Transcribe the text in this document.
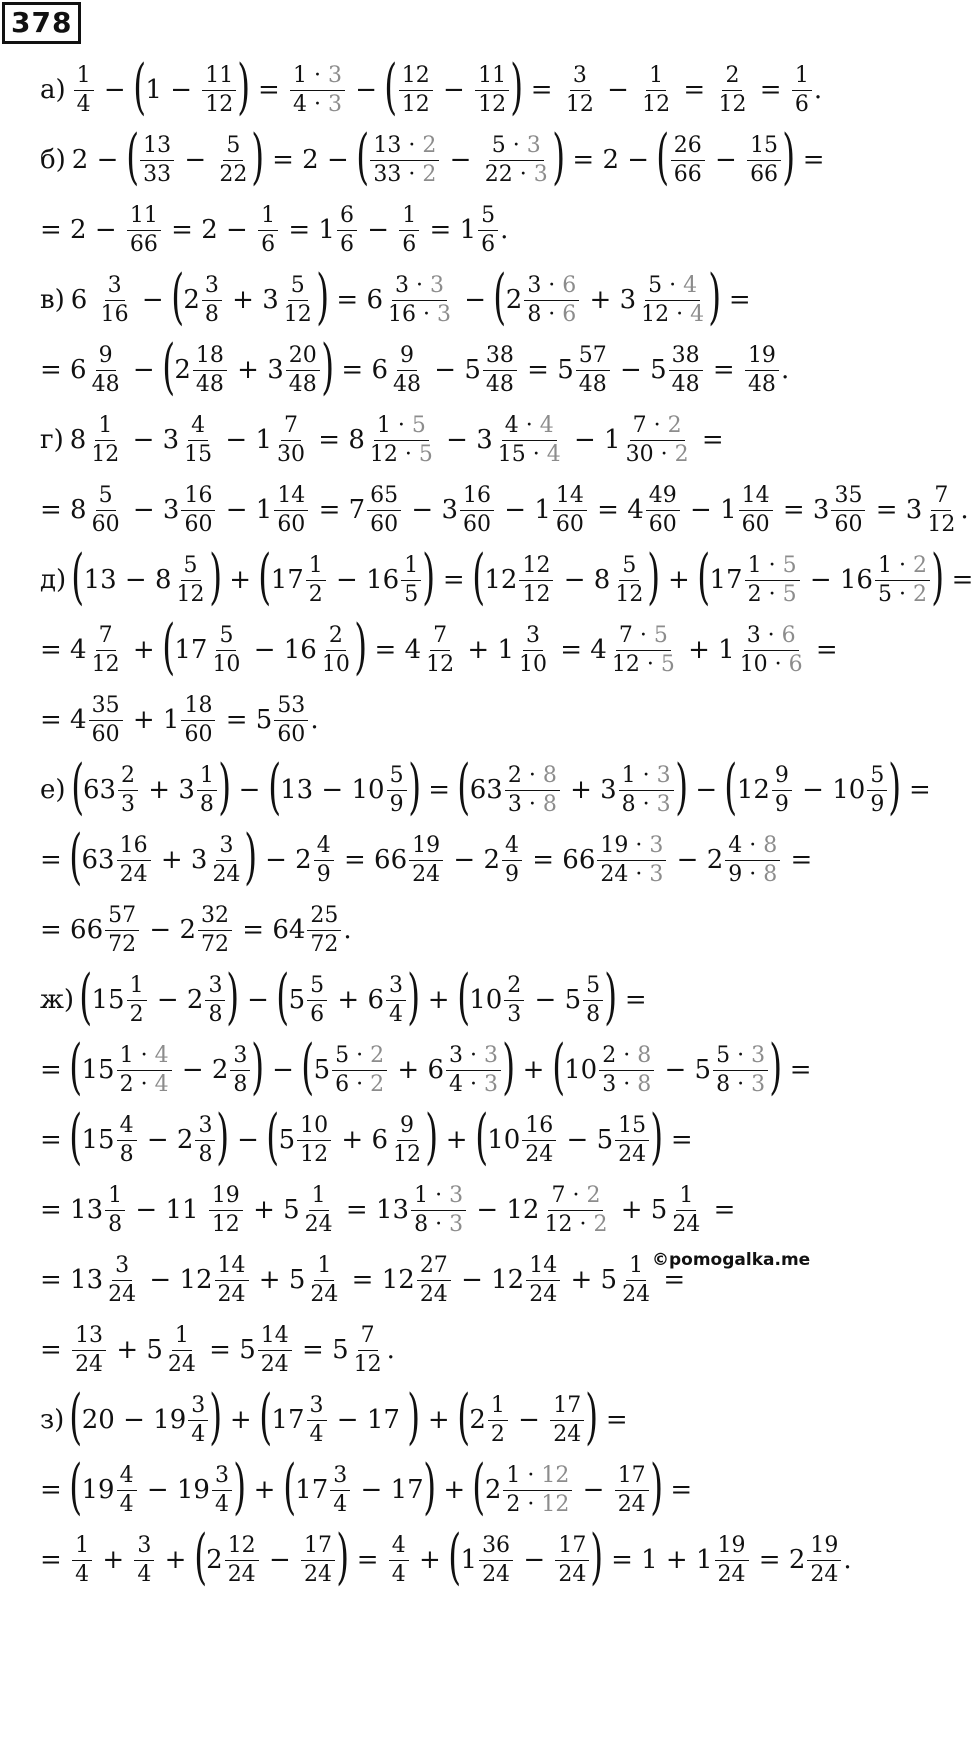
378
$а) \frac{1}{4}$ − ( $1 - \frac{11}{12}$ ) = $\frac{1 \cdot 3}{4 \cdot 3}$ − ( $\frac{12}{12} - \frac{11}{12}$ ) = $\frac{3}{12} - \frac{1}{12} = \frac{2}{12} = \frac{1}{6}$ .
б) 2 − ( $\frac{13}{33} - \frac{5}{22}$ ) = 2 − ( $\frac{13 \cdot 2}{33 \cdot 2} - \frac{5 \cdot 3}{22 \cdot 3}$ ) = 2 − ( $\frac{26}{66} - \frac{15}{66}$ ) =
= $2 - \frac{11}{66} = 2 - \frac{1}{6} = 1 \frac{6}{6} - \frac{1}{6} = 1 \frac{5}{6}$ .
в) $6 \frac{3}{16}$ − ( $2 \frac{3}{8} + 3 \frac{5}{12}$ ) = $6 \frac{3 \cdot 3}{16 \cdot 3}$ − ( $2 \frac{3 \cdot 6}{8 \cdot 6} + 3 \frac{5 \cdot 4}{12 \cdot 4}$ ) =
= $6 \frac{9}{48}$ − ( $2 \frac{18}{48} + 3 \frac{20}{48}$ ) = $6 \frac{9}{48} - 5 \frac{38}{48} = 5 \frac{57}{48} - 5 \frac{38}{48} = \frac{19}{48}$ .
г) $8 \frac{1}{12} - 3 \frac{4}{15} - 1 \frac{7}{30} = 8 \frac{1 \cdot 5}{12 \cdot 5} - 3 \frac{4 \cdot 4}{15 \cdot 4} - 1 \frac{7 \cdot 2}{30 \cdot 2}$ =
= $8 \frac{5}{60} - 3 \frac{16}{60} - 1 \frac{14}{60} = 7 \frac{65}{60} - 3 \frac{16}{60} - 1 \frac{14}{60} = 4 \frac{49}{60} - 1 \frac{14}{60} = 3 \frac{35}{60} = 3 \frac{7}{12}$ .
д) ( $13 - 8 \frac{5}{12}$ ) + ( $17 \frac{1}{2} - 16 \frac{1}{5}$ ) = ( $12 \frac{12}{12} - 8 \frac{5}{12}$ ) + ( $17 \frac{1 \cdot 5}{2 \cdot 5} - 16 \frac{1 \cdot 2}{5 \cdot 2}$ ) =
= $4 \frac{7}{12}$ + ( $17 \frac{5}{10} - 16 \frac{2}{10}$ ) = $4 \frac{7}{12} + 1 \frac{3}{10} = 4 \frac{7 \cdot 5}{12 \cdot 5} + 1 \frac{3 \cdot 6}{10 \cdot 6}$ =
= $4 \frac{35}{60} + 1 \frac{18}{60} = 5 \frac{53}{60}$ .
е) ( $63 \frac{2}{3} + 3 \frac{1}{8}$ ) − ( $13 - 10 \frac{5}{9}$ ) = ( $63 \frac{2 \cdot 8}{3 \cdot 8} + 3 \frac{1 \cdot 3}{8 \cdot 3}$ ) − ( $12 \frac{9}{9} - 10 \frac{5}{9}$ ) =
= ( $63 \frac{16}{24} + 3 \frac{3}{24}$ ) − $2 \frac{4}{9} = 66 \frac{19}{24} - 2 \frac{4}{9} = 66 \frac{19 \cdot 3}{24 \cdot 3} - 2 \frac{4 \cdot 8}{9 \cdot 8}$ =
= $66 \frac{57}{72} - 2 \frac{32}{72} = 64 \frac{25}{72}$ .
ж) ( $15 \frac{1}{2} - 2 \frac{3}{8}$ ) − ( $5 \frac{5}{6} + 6 \frac{3}{4}$ ) + ( $10 \frac{2}{3} - 5 \frac{5}{8}$ ) =
= ( $15 \frac{1 \cdot 4}{2 \cdot 4} - 2 \frac{3}{8}$ ) − ( $5 \frac{5 \cdot 2}{6 \cdot 2} + 6 \frac{3 \cdot 3}{4 \cdot 3}$ ) + ( $10 \frac{2 \cdot 8}{3 \cdot 8} - 5 \frac{5 \cdot 3}{8 \cdot 3}$ ) =
= ( $15 \frac{4}{8} - 2 \frac{3}{8}$ ) − ( $5 \frac{10}{12} + 6 \frac{9}{12}$ ) + ( $10 \frac{16}{24} - 5 \frac{15}{24}$ ) =
= $13 \frac{1}{8} - 11 \frac{19}{12} + 5 \frac{1}{24} = 13 \frac{1 \cdot 3}{8 \cdot 3} - 12 \frac{7 \cdot 2}{12 \cdot 2} + 5 \frac{1}{24}$ =
= $13 \frac{3}{24} - 12 \frac{14}{24} + 5 \frac{1}{24} = 12 \frac{27}{24} - 12 \frac{14}{24} + 5 \frac{1}{24}$ =
= $\frac{13}{24} + 5 \frac{1}{24} = 5 \frac{14}{24} = 5 \frac{7}{12}$ .
з) ( $20 - 19 \frac{3}{4}$ ) + ( $17 \frac{3}{4} - 17$ ) + ( $2 \frac{1}{2} - \frac{17}{24}$ ) =
= ( $19 \frac{4}{4} - 19 \frac{3}{4}$ ) + ( $17 \frac{3}{4} - 17$ ) + ( $2 \frac{1 \cdot 12}{2 \cdot 12} - \frac{17}{24}$ ) =
= $\frac{1}{4} + \frac{3}{4}$ + ( $2 \frac{12}{24} - \frac{17}{24}$ ) = $\frac{4}{4}$ + ( $1 \frac{36}{24} - \frac{17}{24}$ ) = $1 + 1 \frac{19}{24} = 2 \frac{19}{24}$ .
©pomogalka.me
